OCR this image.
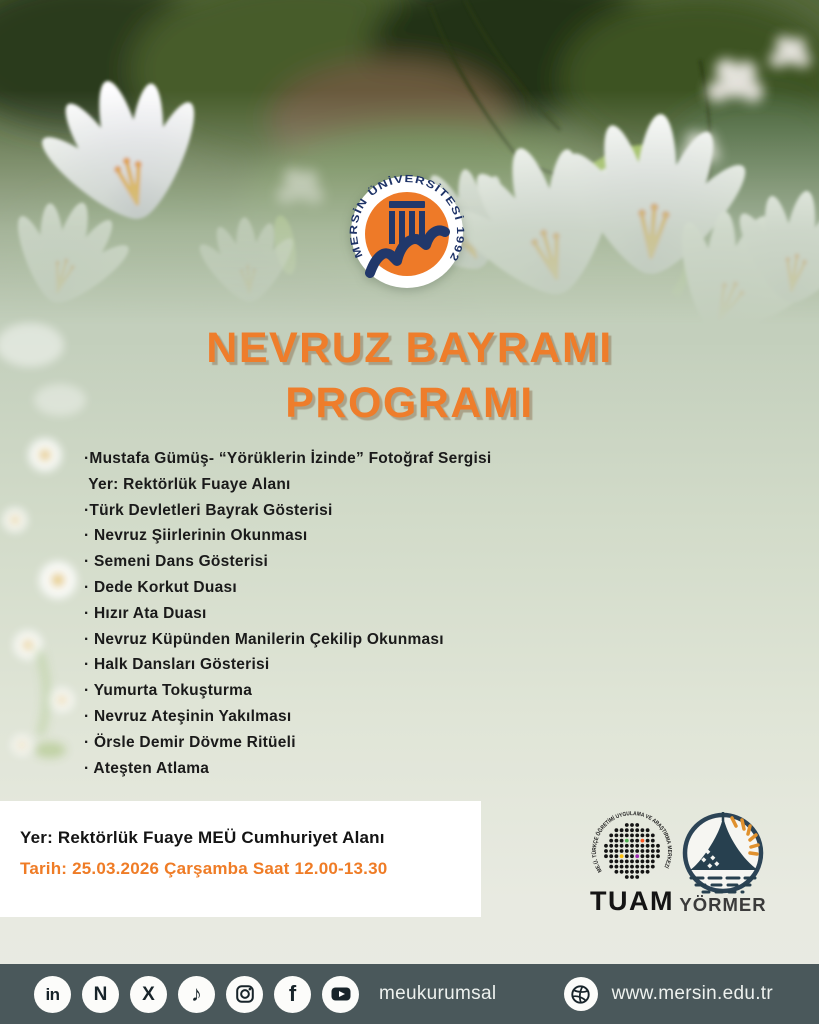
MERSİN ÜNİVERSİTESİ 1992
NEVRUZ BAYRAMI
PROGRAMI
·Mustafa Gümüş- “Yörüklerin İzinde” Fotoğraf Sergisi
Yer: Rektörlük Fuaye Alanı
·Türk Devletleri Bayrak Gösterisi
· Nevruz Şiirlerinin Okunması
· Semeni Dans Gösterisi
· Dede Korkut Duası
· Hızır Ata Duası
· Nevruz Küpünden Manilerin Çekilip Okunması
· Halk Dansları Gösterisi
· Yumurta Tokuşturma
· Nevruz Ateşinin Yakılması
· Örsle Demir Dövme Ritüeli
· Ateşten Atlama
Yer: Rektörlük Fuaye MEÜ Cumhuriyet Alanı
Tarih: 25.03.2026 Çarşamba Saat 12.00-13.30	ME.Ü. TÜRKÇE ÖĞRETİMİ UYGULAMA VE ARAŞTIRMA MERKEZİ
TUAM YÖRMER
in N X ♪	f	meukurumsal	www.mersin.edu.tr
